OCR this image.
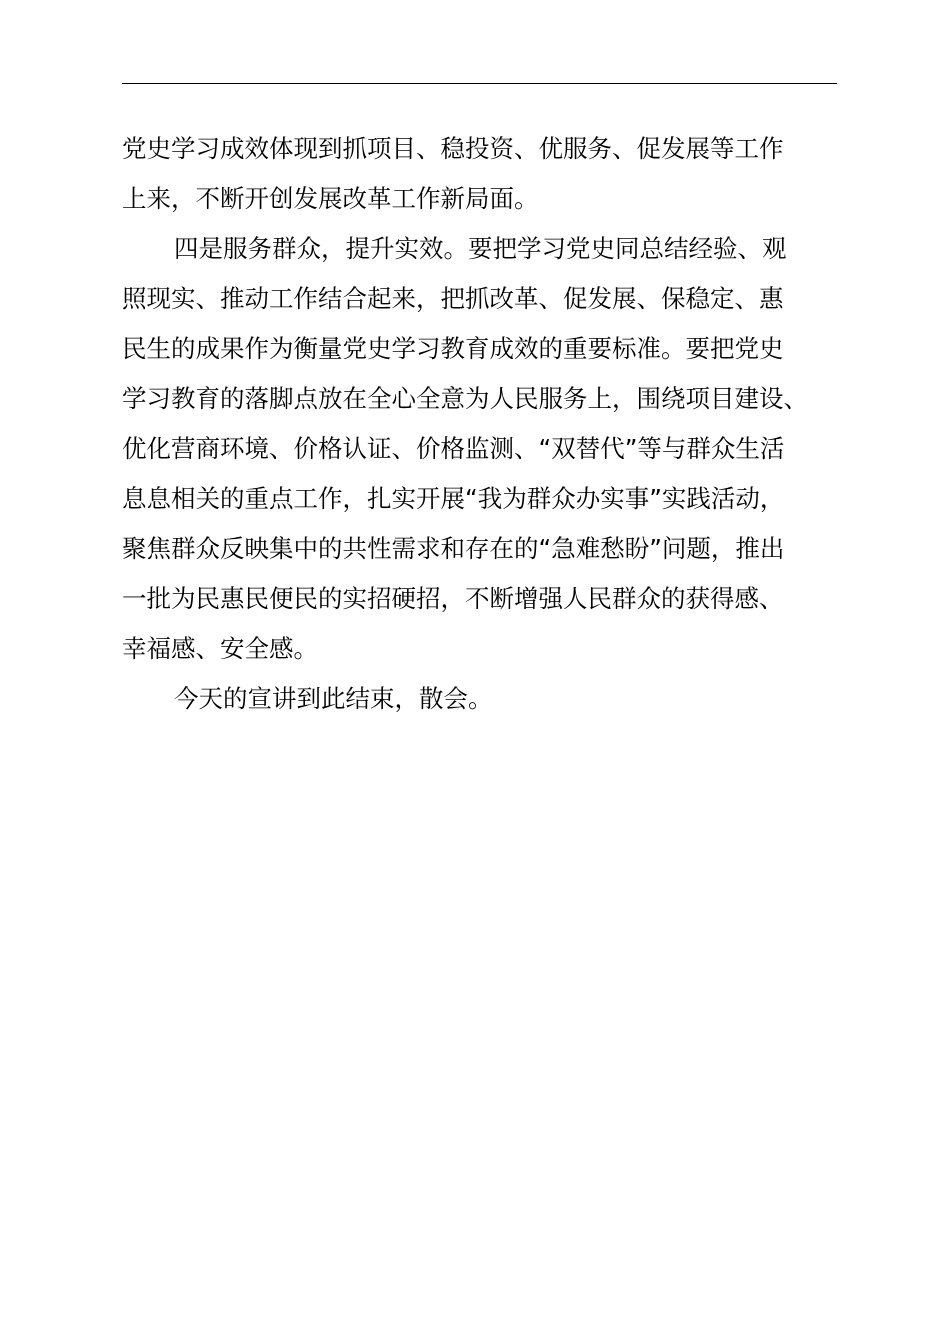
党史学习成效体现到抓项目、稳投资、优服务、促发展等工作
上来，不断开创发展改革工作新局面。
四是服务群众，提升实效。要把学习党史同总结经验、观
照现实、推动工作结合起来，把抓改革、促发展、保稳定、惠
民生的成果作为衡量党史学习教育成效的重要标准。要把党史
学习教育的落脚点放在全心全意为人民服务上，围绕项目建设、
优化营商环境、价格认证、价格监测、“双替代”等与群众生活
息息相关的重点工作，扎实开展“我为群众办实事”实践活动，
聚焦群众反映集中的共性需求和存在的“急难愁盼”问题，推出
一批为民惠民便民的实招硬招，不断增强人民群众的获得感、
幸福感、安全感。
今天的宣讲到此结束，散会。
